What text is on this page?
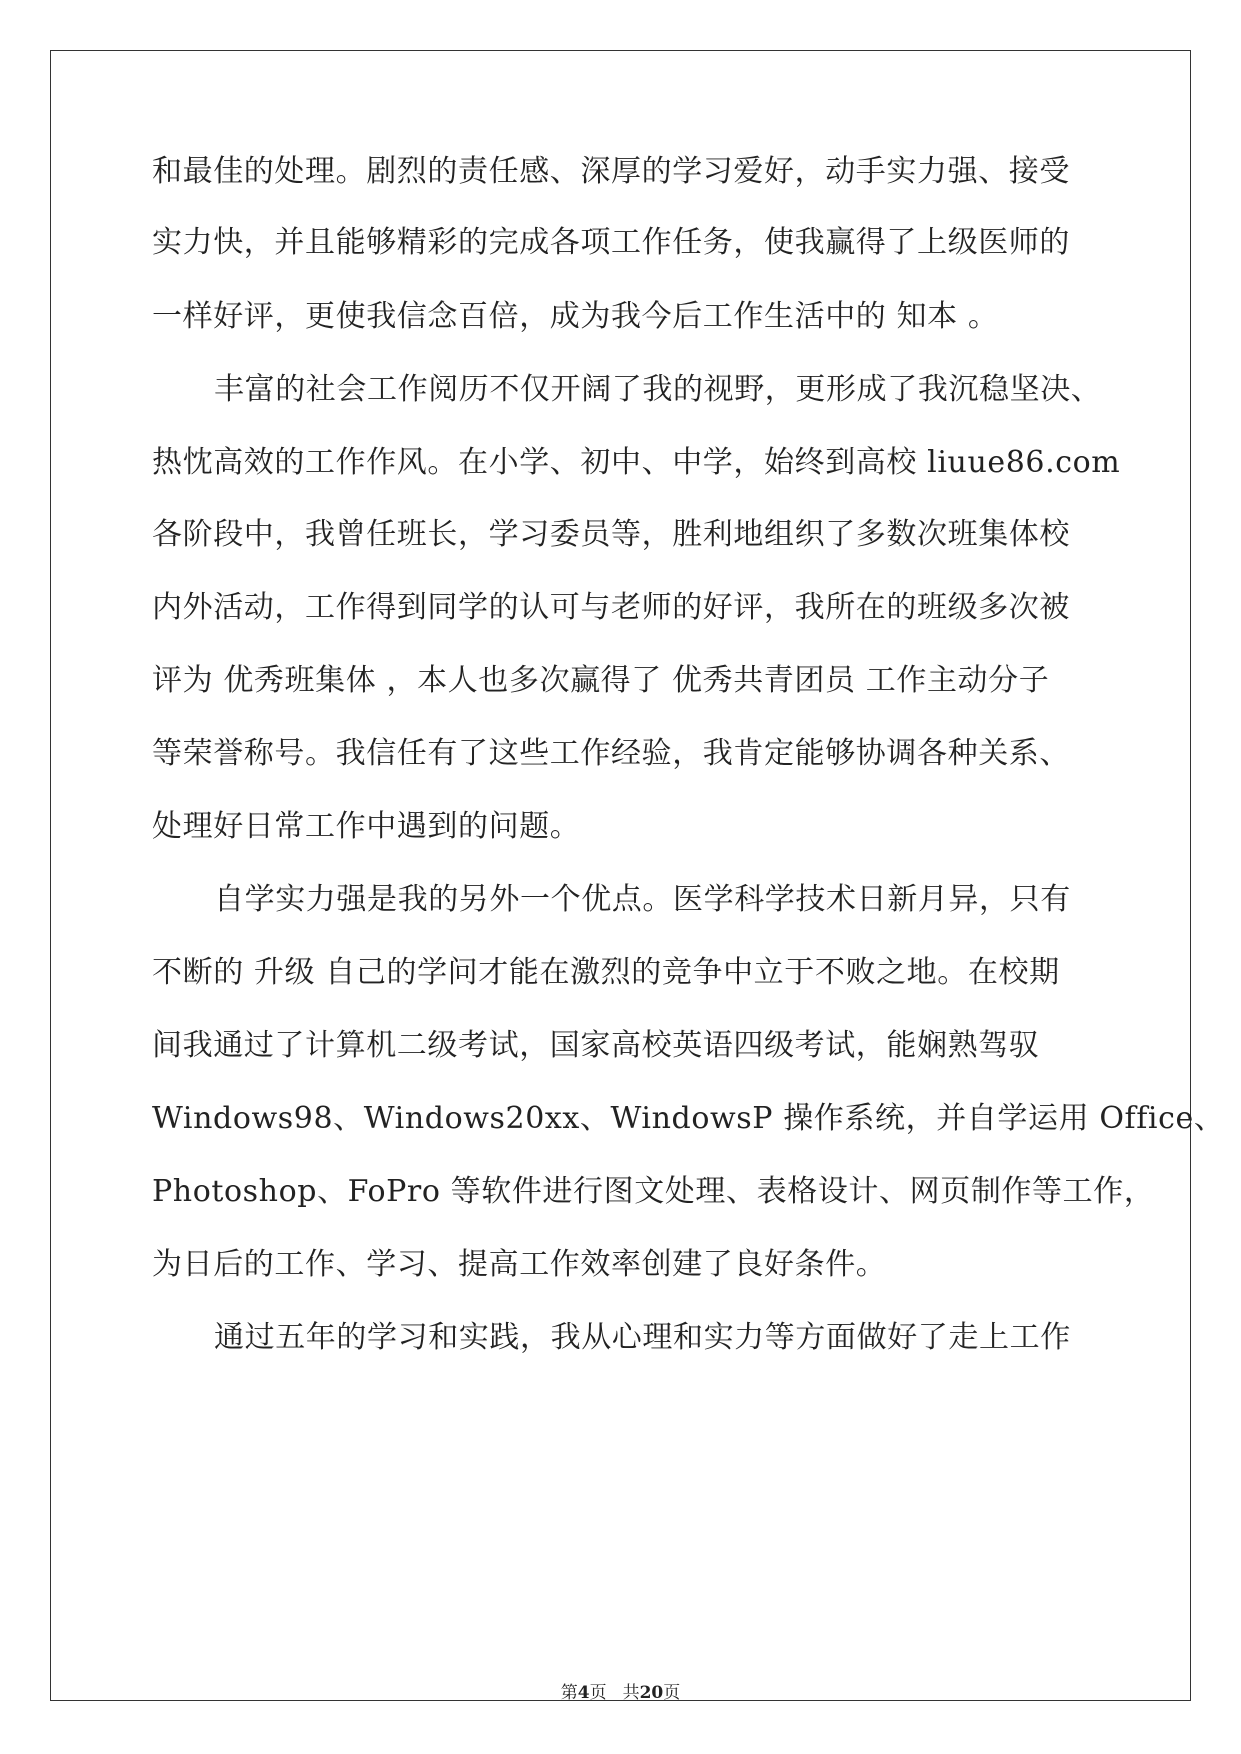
和最佳的处理。剧烈的责任感、深厚的学习爱好，动手实力强、接受
实力快，并且能够精彩的完成各项工作任务，使我赢得了上级医师的
一样好评，更使我信念百倍，成为我今后工作生活中的 知本 。
丰富的社会工作阅历不仅开阔了我的视野，更形成了我沉稳坚决、
热忱高效的工作作风。在小学、初中、中学，始终到高校 liuue86.com
各阶段中，我曾任班长，学习委员等，胜利地组织了多数次班集体校
内外活动，工作得到同学的认可与老师的好评，我所在的班级多次被
评为 优秀班集体 ，本人也多次赢得了 优秀共青团员 工作主动分子
等荣誉称号。我信任有了这些工作经验，我肯定能够协调各种关系、
处理好日常工作中遇到的问题。
自学实力强是我的另外一个优点。医学科学技术日新月异，只有
不断的 升级 自己的学问才能在激烈的竞争中立于不败之地。在校期
间我通过了计算机二级考试，国家高校英语四级考试，能娴熟驾驭
Windows98、Windows20xx、WindowsP 操作系统，并自学运用 Office、
Photoshop、FoPro 等软件进行图文处理、表格设计、网页制作等工作，
为日后的工作、学习、提高工作效率创建了良好条件。
通过五年的学习和实践，我从心理和实力等方面做好了走上工作
第4页 共20页
